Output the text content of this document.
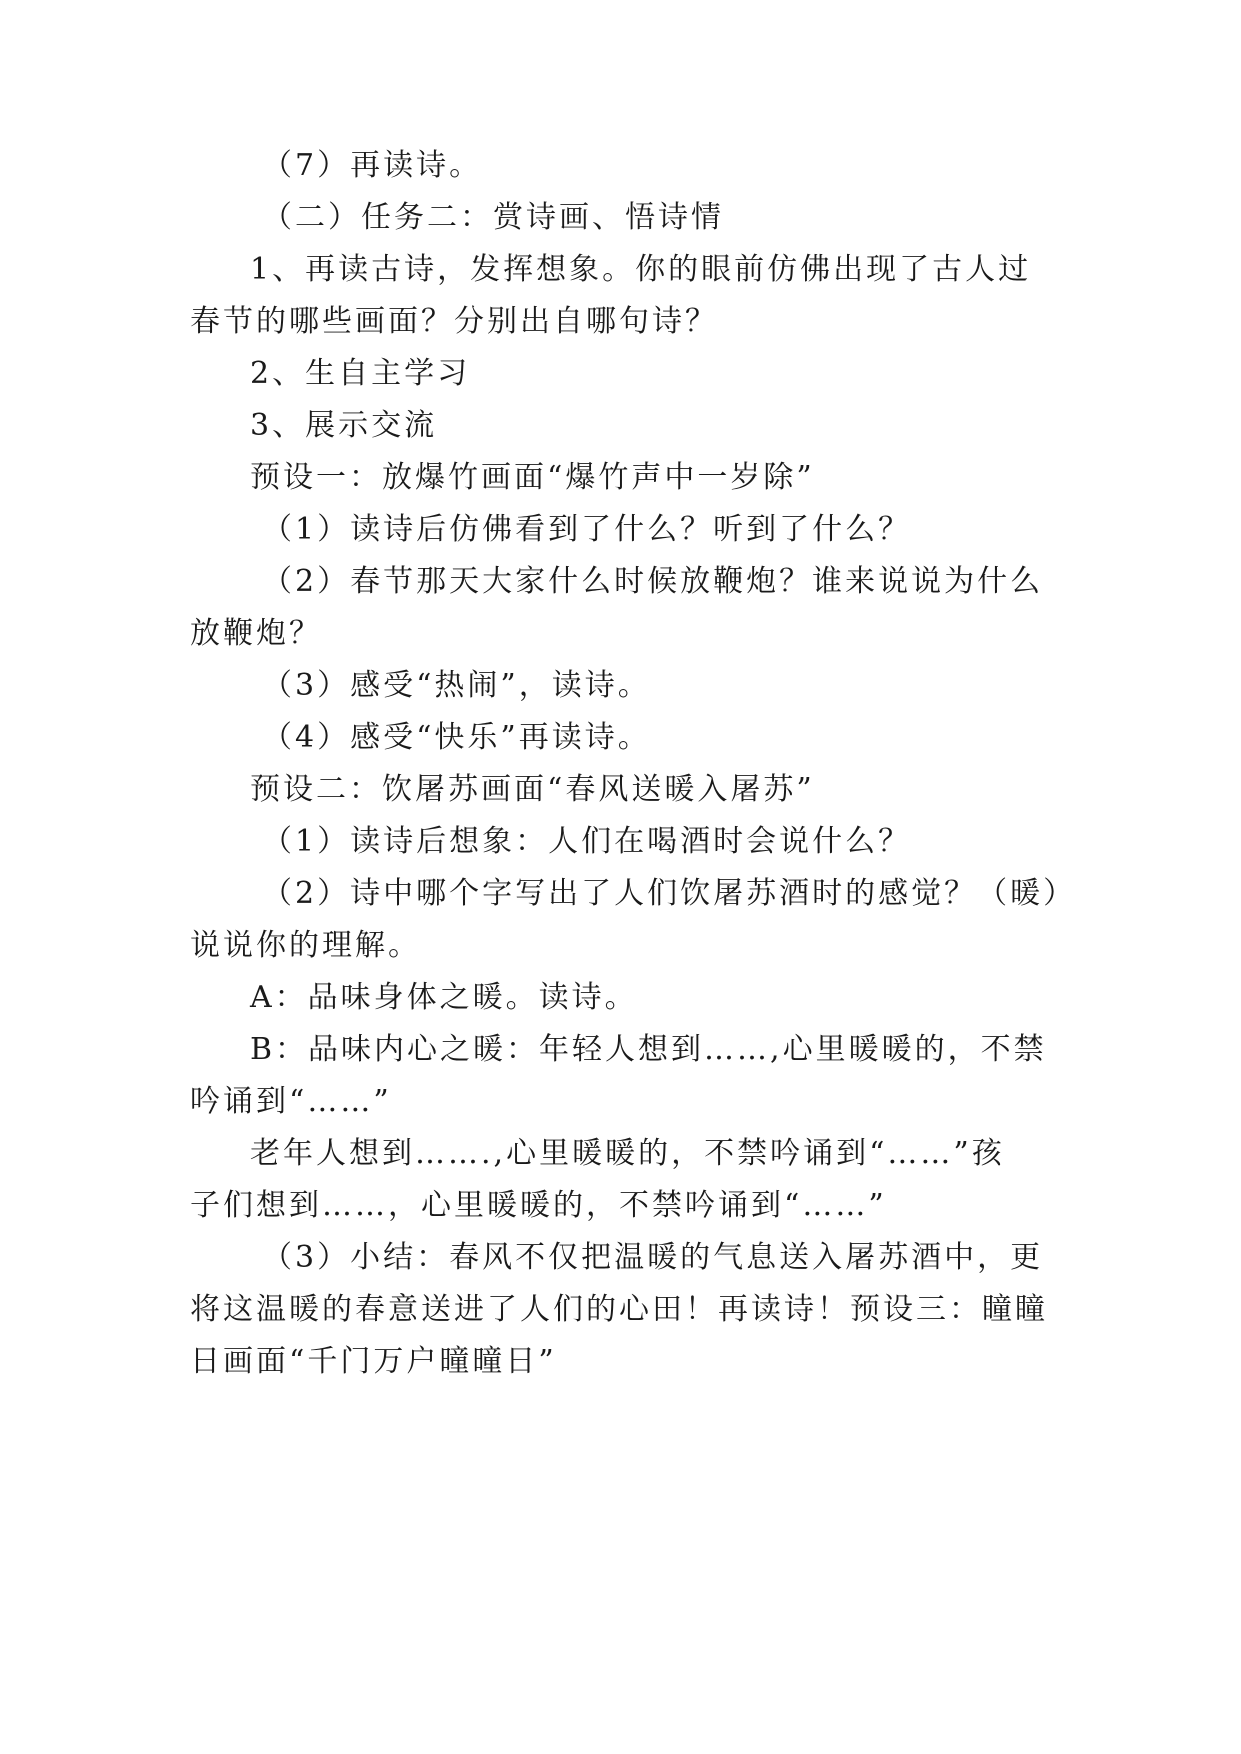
（7）再读诗。
（二）任务二：赏诗画、悟诗情
1、再读古诗，发挥想象。你的眼前仿佛出现了古人过
春节的哪些画面？分别出自哪句诗？
2、生自主学习
3、展示交流
预设一：放爆竹画面“爆竹声中一岁除”
（1）读诗后仿佛看到了什么？听到了什么？
（2）春节那天大家什么时候放鞭炮？谁来说说为什么
放鞭炮？
（3）感受“热闹”，读诗。
（4）感受“快乐”再读诗。
预设二：饮屠苏画面“春风送暖入屠苏”
（1）读诗后想象：人们在喝酒时会说什么？
（2）诗中哪个字写出了人们饮屠苏酒时的感觉？（暖）
说说你的理解。
A：品味身体之暖。读诗。
B：品味内心之暖：年轻人想到……,心里暖暖的，不禁
吟诵到“……”
老年人想到…….,心里暖暖的，不禁吟诵到“……”孩
子们想到……，心里暖暖的，不禁吟诵到“……”
（3）小结：春风不仅把温暖的气息送入屠苏酒中，更
将这温暖的春意送进了人们的心田！再读诗！预设三：瞳瞳
日画面“千门万户曈曈日”
